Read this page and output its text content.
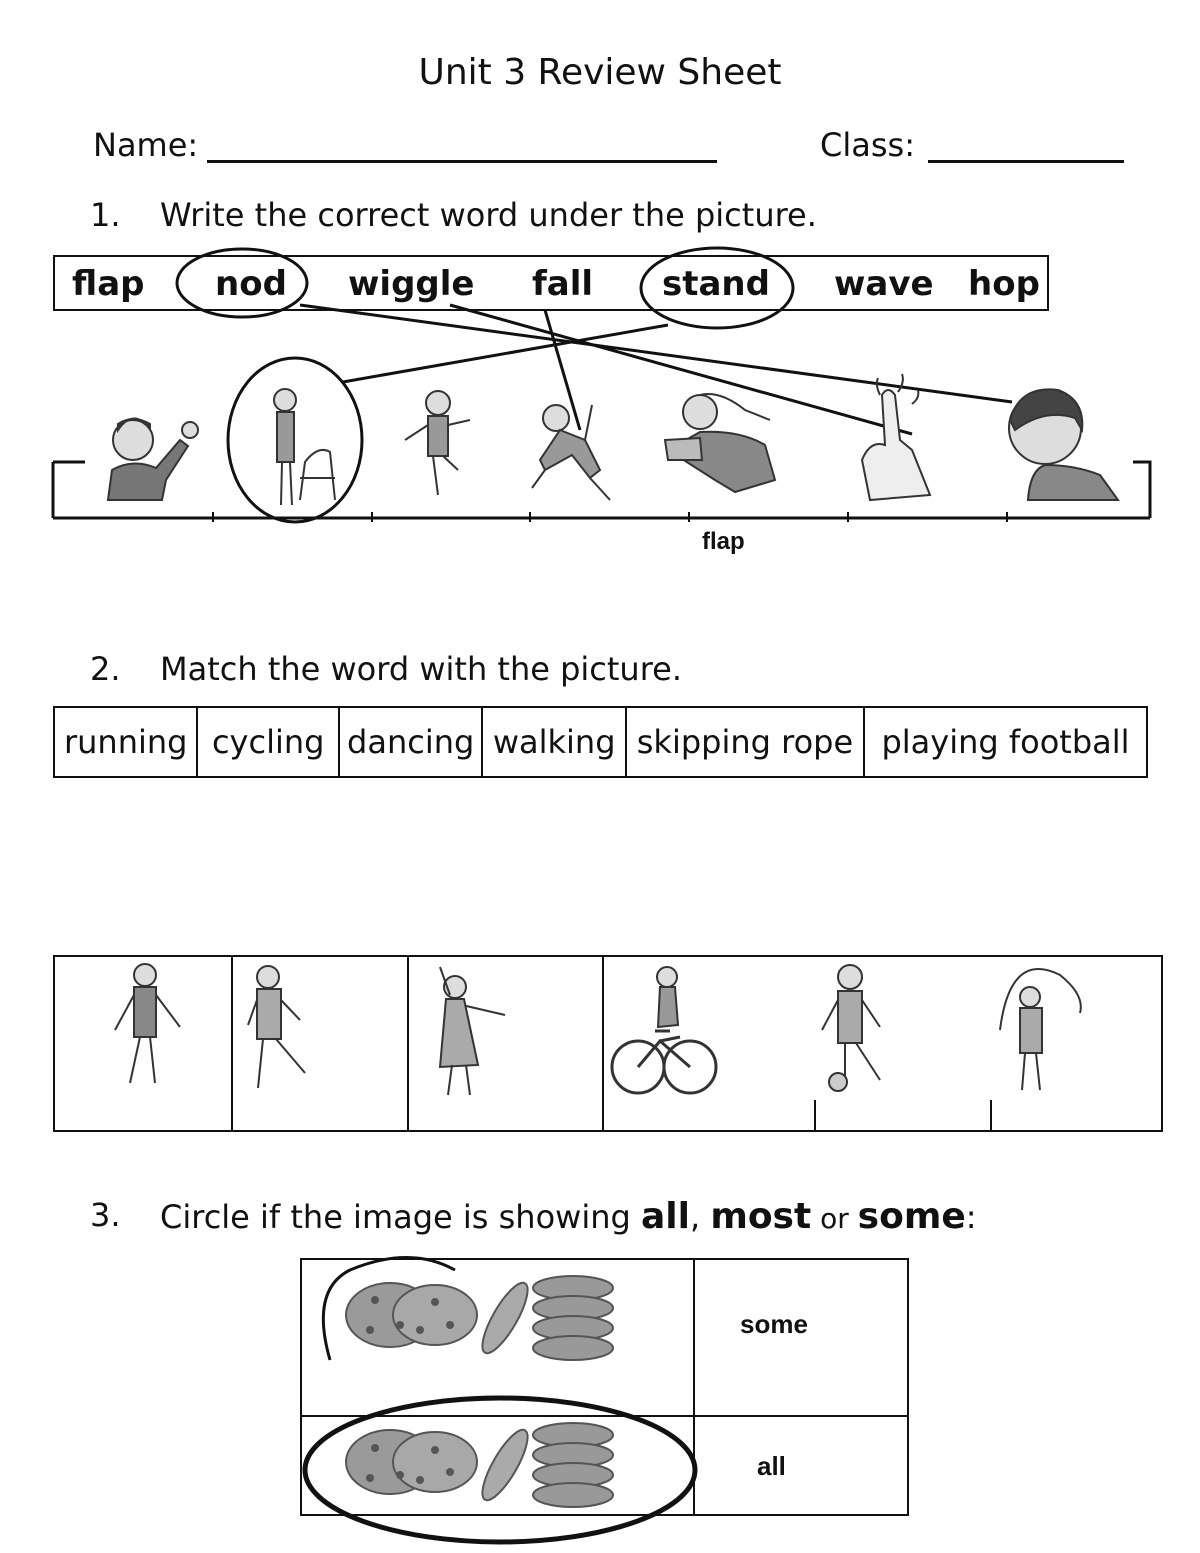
Unit 3 Review Sheet
Name:	Class:
1. Write the correct word under the picture.
flap nod wiggle fall stand wave hop
flap
2. Match the word with the picture.
running cycling dancing walking skipping rope playing football
3. Circle if the image is showing all, most or some:
some
all
